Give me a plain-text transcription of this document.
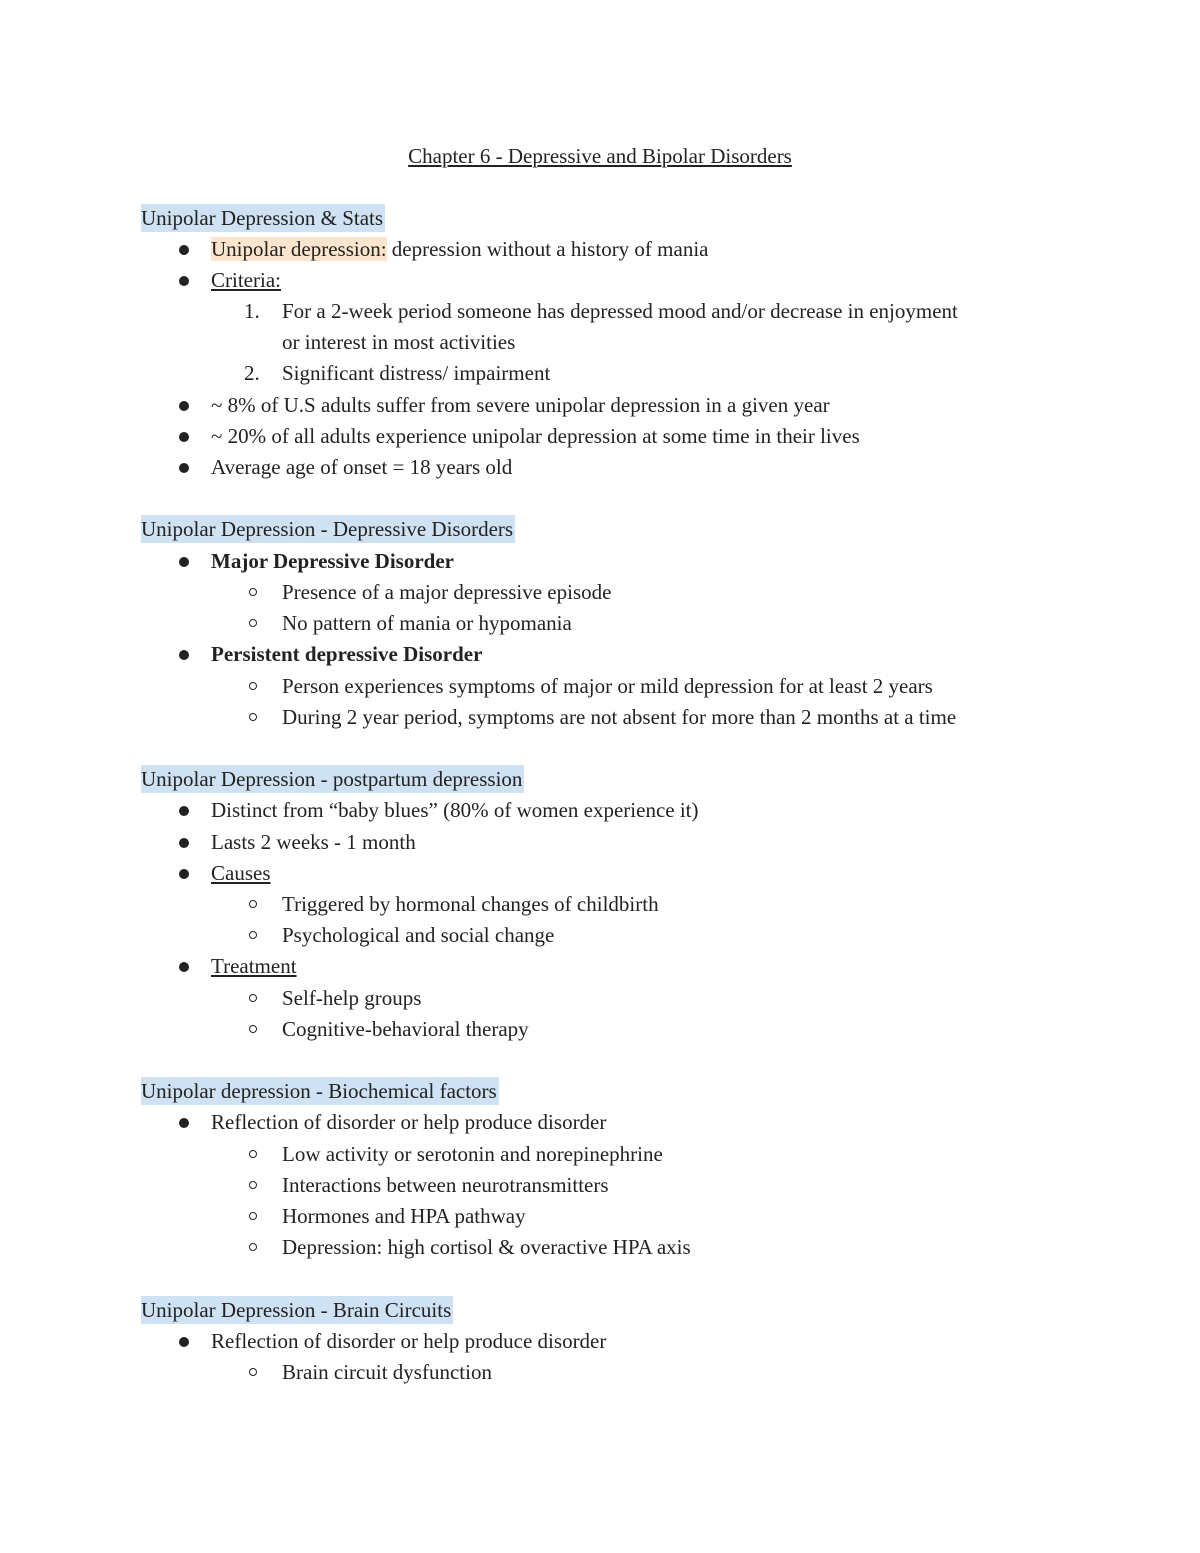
Chapter 6 - Depressive and Bipolar Disorders
Unipolar Depression & Stats
Unipolar depression: depression without a history of mania
Criteria:
1. For a 2-week period someone has depressed mood and/or decrease in enjoyment
or interest in most activities
2. Significant distress/ impairment
~ 8% of U.S adults suffer from severe unipolar depression in a given year
~ 20% of all adults experience unipolar depression at some time in their lives
Average age of onset = 18 years old
Unipolar Depression - Depressive Disorders
Major Depressive Disorder
Presence of a major depressive episode
No pattern of mania or hypomania
Persistent depressive Disorder
Person experiences symptoms of major or mild depression for at least 2 years
During 2 year period, symptoms are not absent for more than 2 months at a time
Unipolar Depression - postpartum depression
Distinct from “baby blues” (80% of women experience it)
Lasts 2 weeks - 1 month
Causes
Triggered by hormonal changes of childbirth
Psychological and social change
Treatment
Self-help groups
Cognitive-behavioral therapy
Unipolar depression - Biochemical factors
Reflection of disorder or help produce disorder
Low activity or serotonin and norepinephrine
Interactions between neurotransmitters
Hormones and HPA pathway
Depression: high cortisol & overactive HPA axis
Unipolar Depression - Brain Circuits
Reflection of disorder or help produce disorder
Brain circuit dysfunction
